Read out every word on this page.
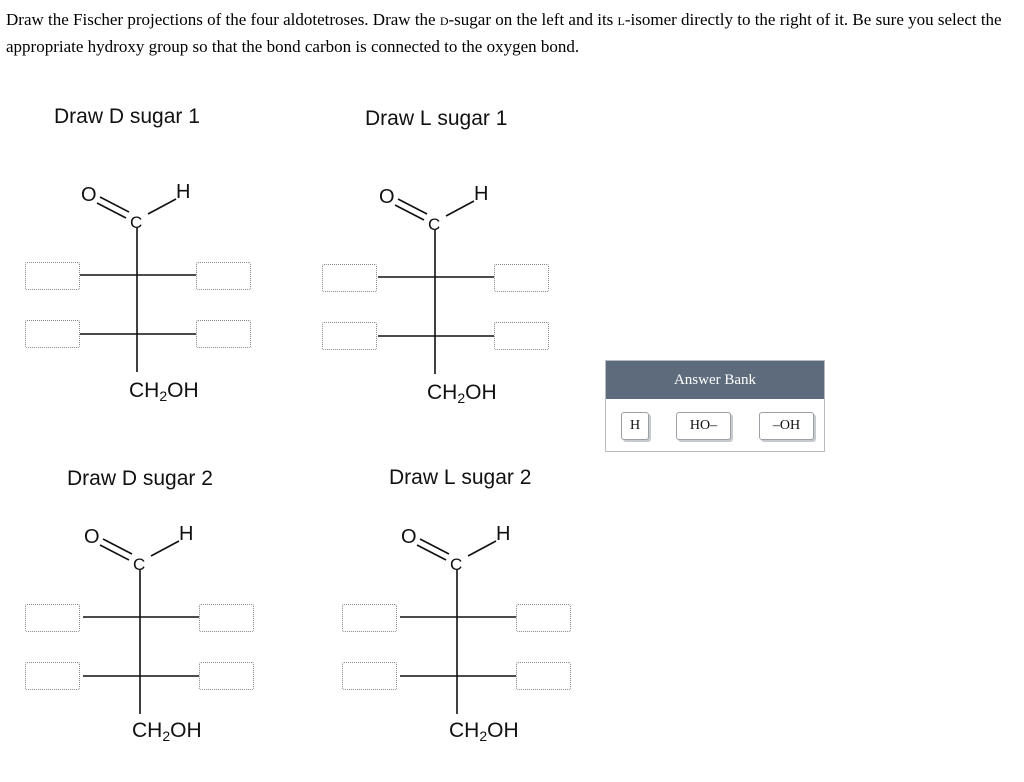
Draw the Fischer projections of the four aldotetroses. Draw the d-sugar on the left and its l-isomer directly to the right of it. Be sure you select the appropriate hydroxy group so that the bond carbon is connected to the oxygen bond.
Draw D sugar 1	Draw L sugar 1
Draw D sugar 2	Draw L sugar 2
O
C
H
$CH_2OH$
O
C
H
$CH_2OH$
O
C
H
$CH_2OH$
O
C
H
$CH_2OH$
Answer Bank
H	HO–	–OH
